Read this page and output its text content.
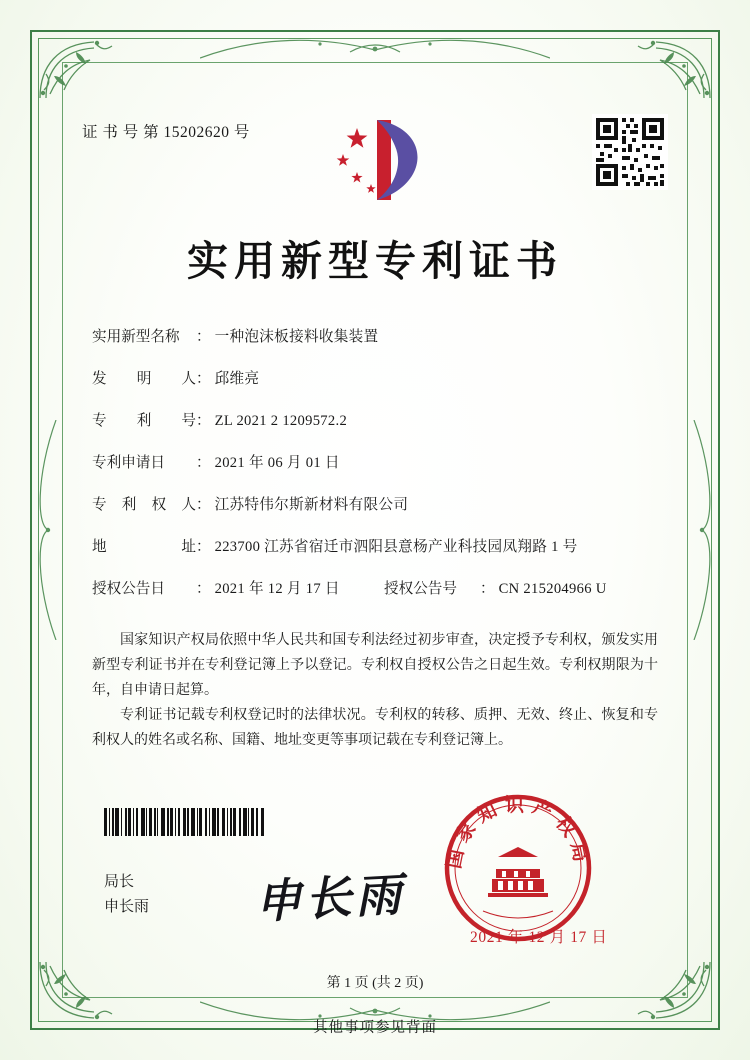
证 书 号 第 15202620 号
实用新型专利证书
实用新型名称	： 一种泡沫板接料收集装置
发 明 人 ： 邱维亮
专 利 号 ： ZL 2021 2 1209572.2
专利申请日	： 2021 年 06 月 01 日
专 利 权 人 ： 江苏特伟尔斯新材料有限公司
地	址 ： 223700 江苏省宿迁市泗阳县意杨产业科技园凤翔路 1 号
授权公告日	： 2021 年 12 月 17 日	授权公告号	： CN 215204966 U

国家知识产权局依照中华人民共和国专利法经过初步审查，决定授予专利权，颁发实用新型专利证书并在专利登记簿上予以登记。专利权自授权公告之日起生效。专利权期限为十年，自申请日起算。

专利证书记载专利权登记时的法律状况。专利权的转移、质押、无效、终止、恢复和专利权人的姓名或名称、国籍、地址变更等事项记载在专利登记簿上。

局长
申长雨 申长雨
国家知识产权局
2021 年 12 月 17 日
第 1 页 (共 2 页)
其他事项参见背面
